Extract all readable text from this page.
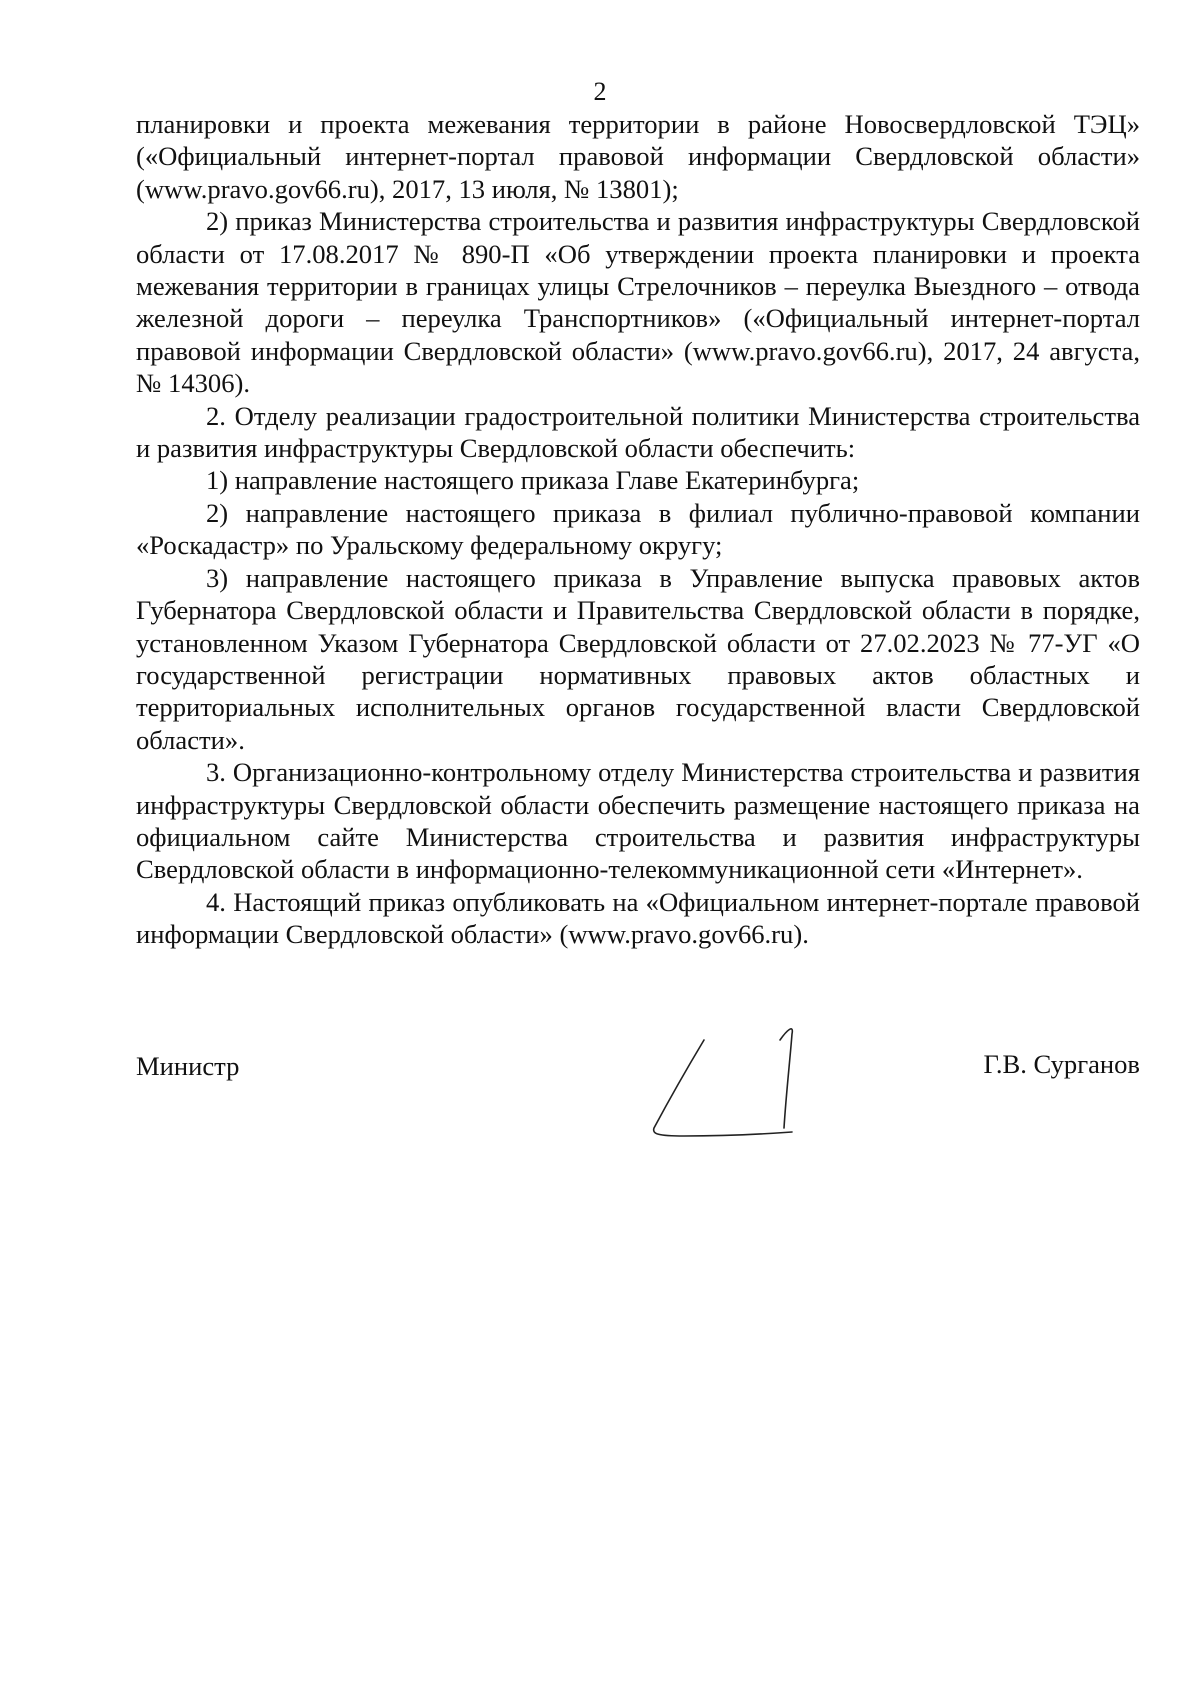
2

планировки и проекта межевания территории в районе Новосвердловской ТЭЦ» («Официальный интернет-портал правовой информации Свердловской области» (www.pravo.gov66.ru), 2017, 13 июля, № 13801);

2) приказ Министерства строительства и развития инфраструктуры Свердловской области от 17.08.2017 № 890-П «Об утверждении проекта планировки и проекта межевания территории в границах улицы Стрелочников – переулка Выездного – отвода железной дороги – переулка Транспортников» («Официальный интернет-портал правовой информации Свердловской области» (www.pravo.gov66.ru), 2017, 24 августа, № 14306).

2. Отделу реализации градостроительной политики Министерства строительства и развития инфраструктуры Свердловской области обеспечить:

1) направление настоящего приказа Главе Екатеринбурга;

2) направление настоящего приказа в филиал публично-правовой компании «Роскадастр» по Уральскому федеральному округу;

3) направление настоящего приказа в Управление выпуска правовых актов Губернатора Свердловской области и Правительства Свердловской области в порядке, установленном Указом Губернатора Свердловской области от 27.02.2023 № 77-УГ «О государственной регистрации нормативных правовых актов областных и территориальных исполнительных органов государственной власти Свердловской области».

3. Организационно-контрольному отделу Министерства строительства и развития инфраструктуры Свердловской области обеспечить размещение настоящего приказа на официальном сайте Министерства строительства и развития инфраструктуры Свердловской области в информационно-телекоммуникационной сети «Интернет».

4. Настоящий приказ опубликовать на «Официальном интернет-портале правовой информации Свердловской области» (www.pravo.gov66.ru).

Министр	Г.В. Сурганов
